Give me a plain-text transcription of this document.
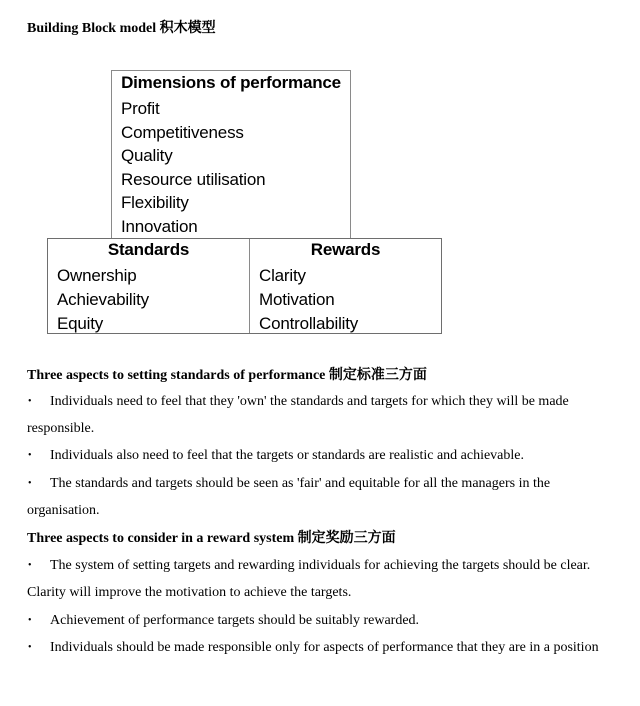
Building Block model 积木模型
Dimensions of performance
Profit
Competitiveness
Quality
Resource utilisation
Flexibility
Innovation
Standards
Ownership
Achievability
Equity
Rewards
Clarity
Motivation
Controllability
Three aspects to setting standards of performance 制定标准三方面
• Individuals need to feel that they 'own' the standards and targets for which they will be made responsible.
• Individuals also need to feel that the targets or standards are realistic and achievable.
• The standards and targets should be seen as 'fair' and equitable for all the managers in the organisation.
Three aspects to consider in a reward system 制定奖励三方面
• The system of setting targets and rewarding individuals for achieving the targets should be clear. Clarity will improve the motivation to achieve the targets.
• Achievement of performance targets should be suitably rewarded.
• Individuals should be made responsible only for aspects of performance that they are in a position
